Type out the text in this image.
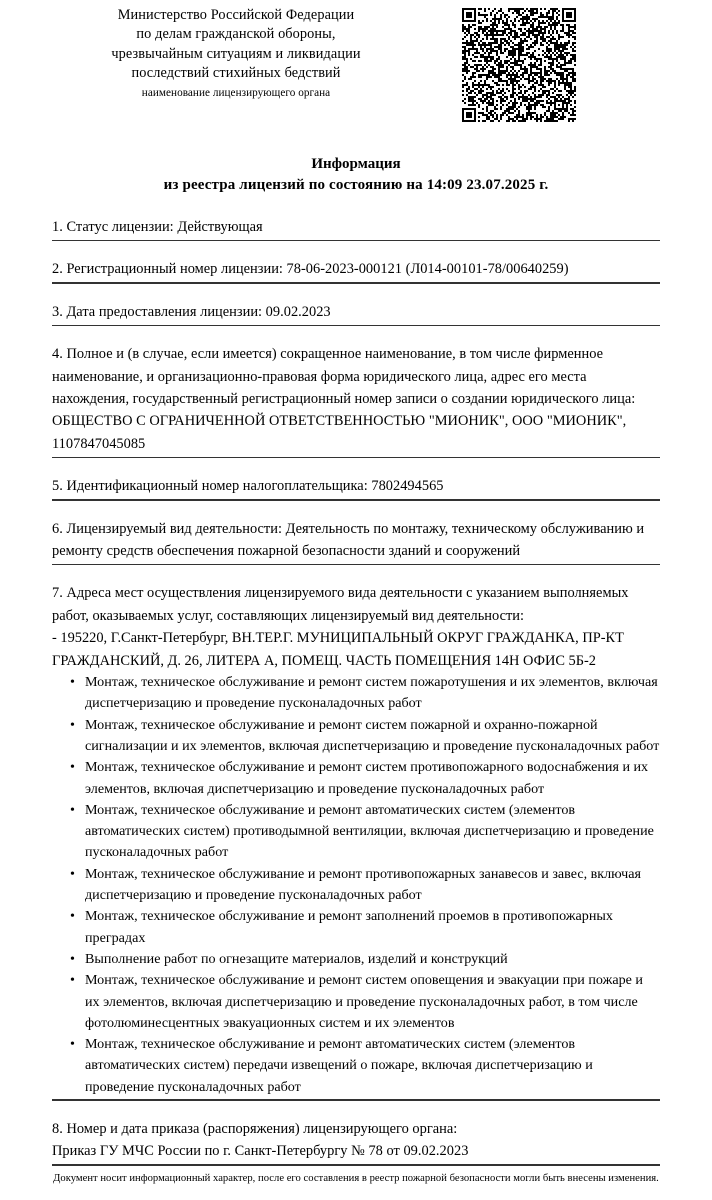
Министерство Российской Федерации
по делам гражданской обороны,
чрезвычайным ситуациям и ликвидации
последствий стихийных бедствий
наименование лицензирующего органа
Информация
из реестра лицензий по состоянию на 14:09 23.07.2025 г.
1. Статус лицензии: Действующая
2. Регистрационный номер лицензии: 78-06-2023-000121 (Л014-00101-78/00640259)
3. Дата предоставления лицензии: 09.02.2023
4. Полное и (в случае, если имеется) сокращенное наименование, в том числе фирменное наименование, и организационно-правовая форма юридического лица, адрес его места нахождения, государственный регистрационный номер записи о создании юридического лица: ОБЩЕСТВО С ОГРАНИЧЕННОЙ ОТВЕТСТВЕННОСТЬЮ "МИОНИК", ООО "МИОНИК", 1107847045085
5. Идентификационный номер налогоплательщика: 7802494565
6. Лицензируемый вид деятельности: Деятельность по монтажу, техническому обслуживанию и ремонту средств обеспечения пожарной безопасности зданий и сооружений
7. Адреса мест осуществления лицензируемого вида деятельности с указанием выполняемых работ, оказываемых услуг, составляющих лицензируемый вид деятельности:
- 195220, Г.Санкт-Петербург, ВН.ТЕР.Г. МУНИЦИПАЛЬНЫЙ ОКРУГ ГРАЖДАНКА, ПР-КТ ГРАЖДАНСКИЙ, Д. 26, ЛИТЕРА А, ПОМЕЩ. ЧАСТЬ ПОМЕЩЕНИЯ 14Н ОФИС 5Б-2
• Монтаж, техническое обслуживание и ремонт систем пожаротушения и их элементов, включая диспетчеризацию и проведение пусконаладочных работ
• Монтаж, техническое обслуживание и ремонт систем пожарной и охранно-пожарной сигнализации и их элементов, включая диспетчеризацию и проведение пусконаладочных работ
• Монтаж, техническое обслуживание и ремонт систем противопожарного водоснабжения и их элементов, включая диспетчеризацию и проведение пусконаладочных работ
• Монтаж, техническое обслуживание и ремонт автоматических систем (элементов автоматических систем) противодымной вентиляции, включая диспетчеризацию и проведение пусконаладочных работ
• Монтаж, техническое обслуживание и ремонт противопожарных занавесов и завес, включая диспетчеризацию и проведение пусконаладочных работ
• Монтаж, техническое обслуживание и ремонт заполнений проемов в противопожарных преградах
• Выполнение работ по огнезащите материалов, изделий и конструкций
• Монтаж, техническое обслуживание и ремонт систем оповещения и эвакуации при пожаре и их элементов, включая диспетчеризацию и проведение пусконаладочных работ, в том числе фотолюминесцентных эвакуационных систем и их элементов
• Монтаж, техническое обслуживание и ремонт автоматических систем (элементов автоматических систем) передачи извещений о пожаре, включая диспетчеризацию и проведение пусконаладочных работ
8. Номер и дата приказа (распоряжения) лицензирующего органа:
Приказ ГУ МЧС России по г. Санкт-Петербургу № 78 от 09.02.2023
Документ носит информационный характер, после его составления в реестр пожарной безопасности могли быть внесены изменения.
